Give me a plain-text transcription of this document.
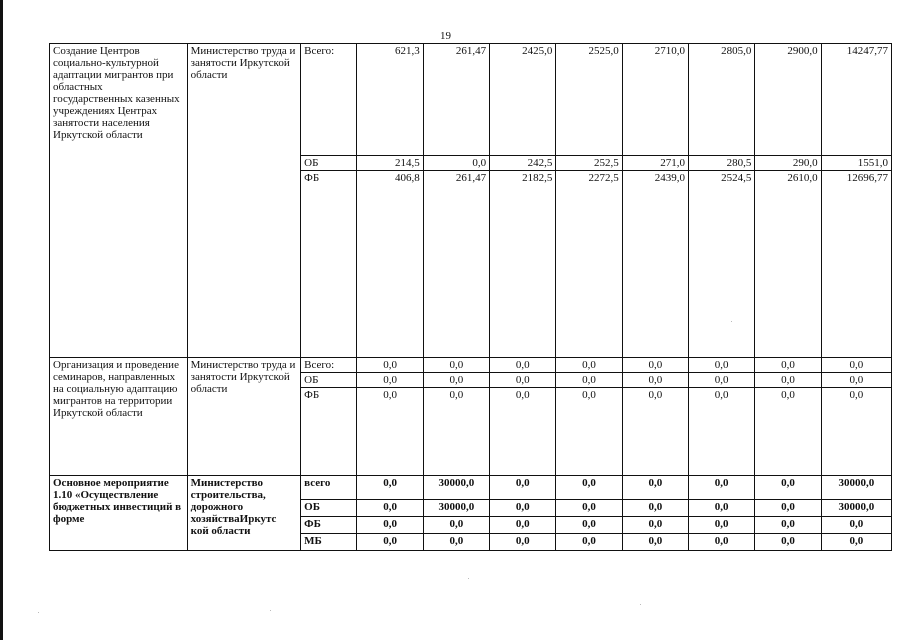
19
Создание Центров социально-культурной адаптации мигрантов при областных государственных казенных учреждениях Центрах занятости населения Иркутской области	Министерство труда и занятости Иркутской области	Всего:	621,3	261,47	2425,0	2525,0	2710,0	2805,0	2900,0	14247,77
		ОБ	214,5	0,0	242,5	252,5	271,0	280,5	290,0	1551,0
		ФБ	406,8	261,47	2182,5	2272,5	2439,0	2524,5	2610,0	12696,77
Организация и проведение семинаров, направленных на социальную адаптацию мигрантов на территории Иркутской области	Министерство труда и занятости Иркутской области	Всего:	0,0	0,0	0,0	0,0	0,0	0,0	0,0	0,0
		ОБ	0,0	0,0	0,0	0,0	0,0	0,0	0,0	0,0
		ФБ	0,0	0,0	0,0	0,0	0,0	0,0	0,0	0,0
Основное мероприятие 1.10 «Осуществление бюджетных инвестиций в форме	Министерство строительства, дорожного хозяйстваИркутс кой области	всего	0,0	30000,0	0,0	0,0	0,0	0,0	0,0	30000,0
		ОБ	0,0	30000,0	0,0	0,0	0,0	0,0	0,0	30000,0
		ФБ	0,0	0,0	0,0	0,0	0,0	0,0	0,0	0,0
		МБ	0,0	0,0	0,0	0,0	0,0	0,0	0,0	0,0
